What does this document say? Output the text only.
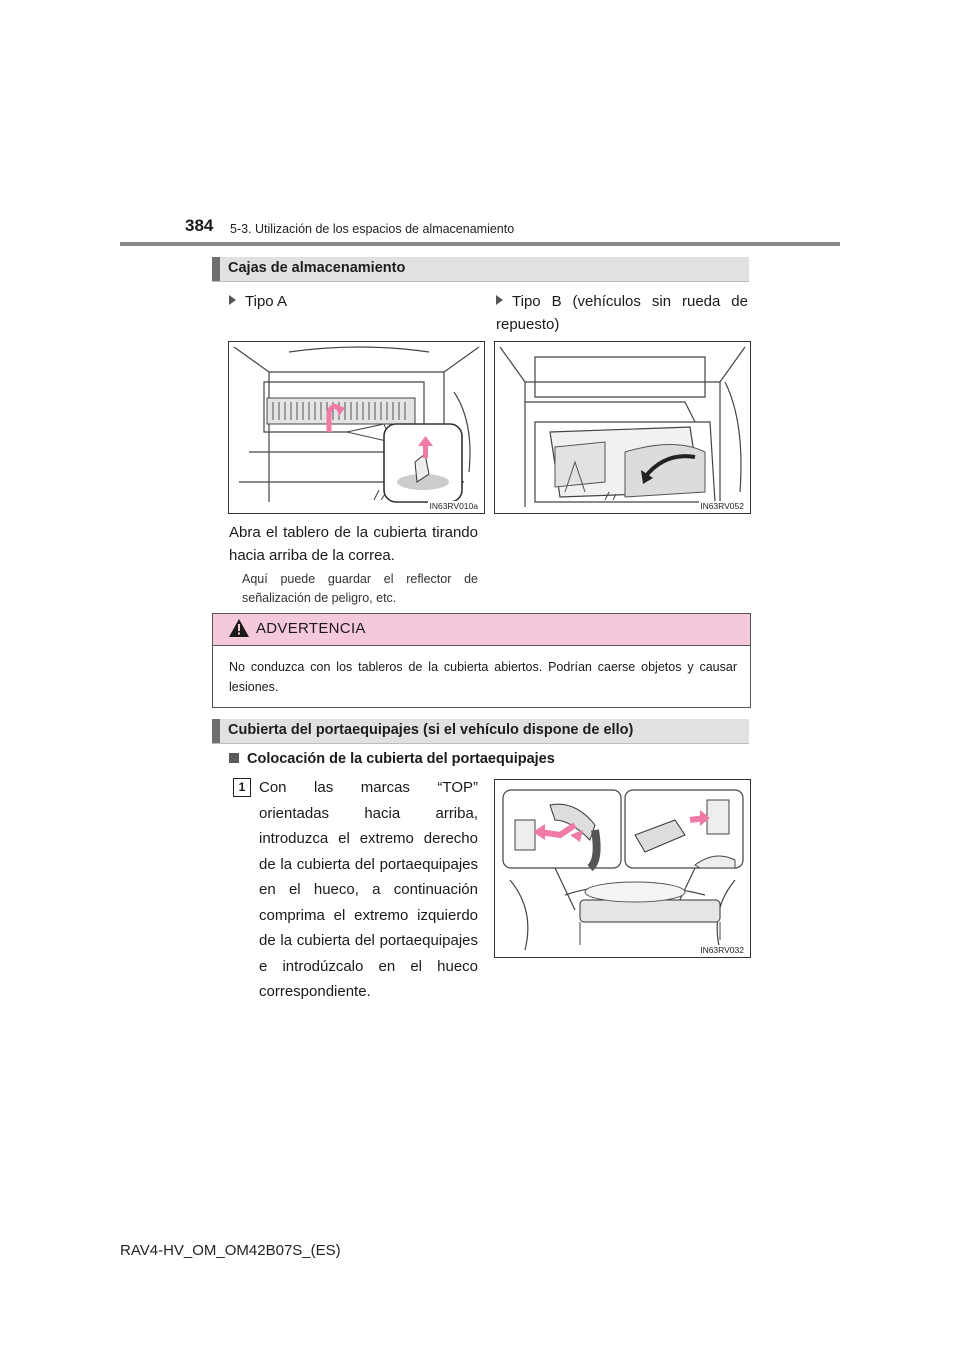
384 5-3. Utilización de los espacios de almacenamiento
Cajas de almacenamiento
Tipo A	Tipo B (vehículos sin rueda de repuesto)
IN63RV010a	IN63RV052
Abra el tablero de la cubierta tirando hacia arriba de la correa.
Aquí puede guardar el reflector de señalización de peligro, etc.
ADVERTENCIA
No conduzca con los tableros de la cubierta abiertos. Podrían caerse objetos y causar lesiones.
Cubierta del portaequipajes (si el vehículo dispone de ello)
Colocación de la cubierta del portaequipajes
1 Con las marcas “TOP” orientadas hacia arriba, introduzca el extremo derecho de la cubierta del portaequipajes en el hueco, a continuación comprima el extremo izquierdo de la cubierta del portaequipajes e introdúzcalo en el hueco correspondiente.
IN63RV032
RAV4-HV_OM_OM42B07S_(ES)
